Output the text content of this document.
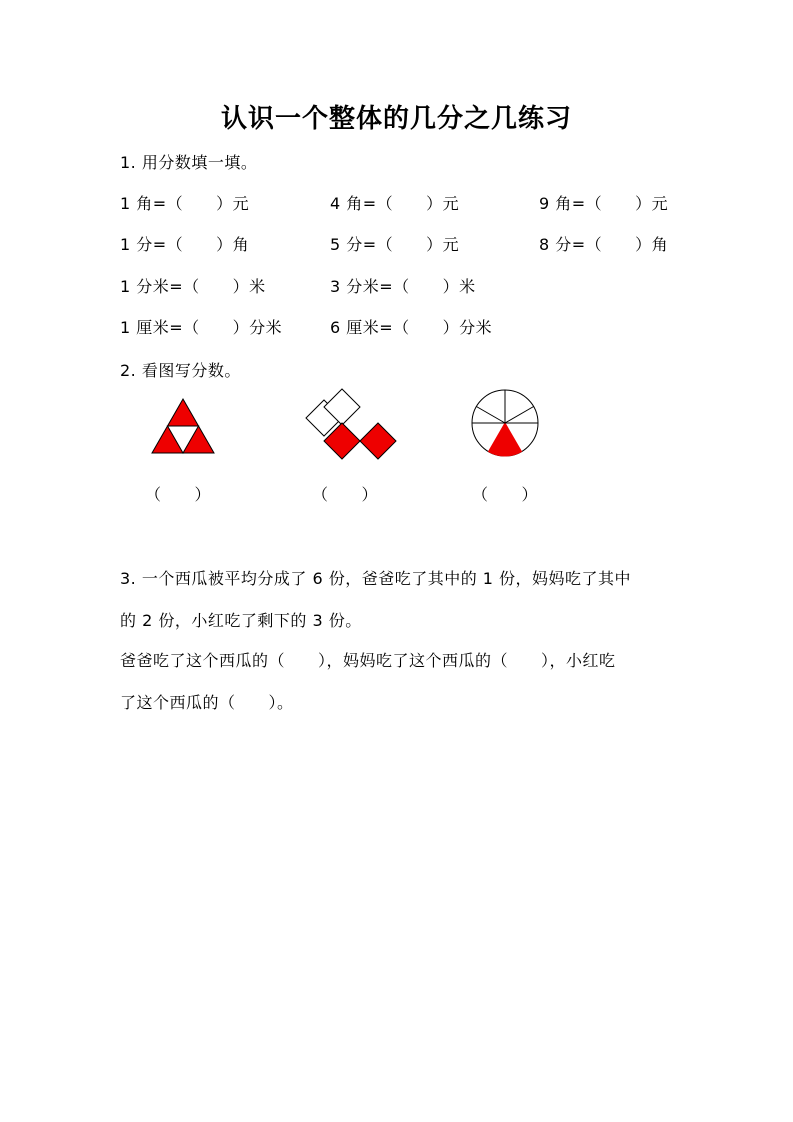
认识一个整体的几分之几练习
1. 用分数填一填。
1 角=（　　）元	4 角=（　　）元	9 角=（　　）元
1 分=（　　）角	5 分=（　　）元	8 分=（　　）角
1 分米=（　　）米	3 分米=（　　）米
1 厘米=（　　）分米	6 厘米=（　　）分米
2. 看图写分数。
（　　）	（　　）	（　　）
3. 一个西瓜被平均分成了 6 份，爸爸吃了其中的 1 份，妈妈吃了其中
的 2 份，小红吃了剩下的 3 份。
爸爸吃了这个西瓜的（　　），妈妈吃了这个西瓜的（　　），小红吃
了这个西瓜的（　　）。
